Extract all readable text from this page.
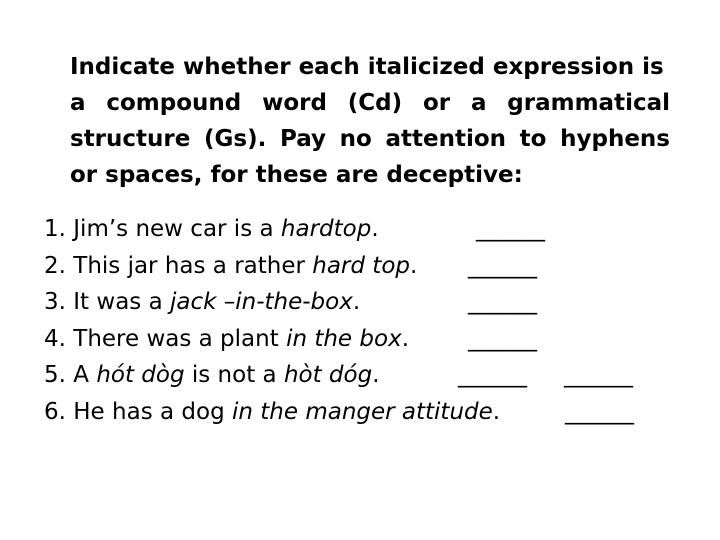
Indicate whether each italicized expression is
a compound word (Cd) or a grammatical structure (Gs). Pay no attention to hyphens or spaces, for these are deceptive:

1. Jim’s new car is a hardtop.	______
2. This jar has a rather hard top. ______
3. It was a jack –in-the-box.	______
4. There was a plant in the box.	______
5. A hót dòg is not a hòt dóg.	______ ______
6. He has a dog in the manger attitude.	______
